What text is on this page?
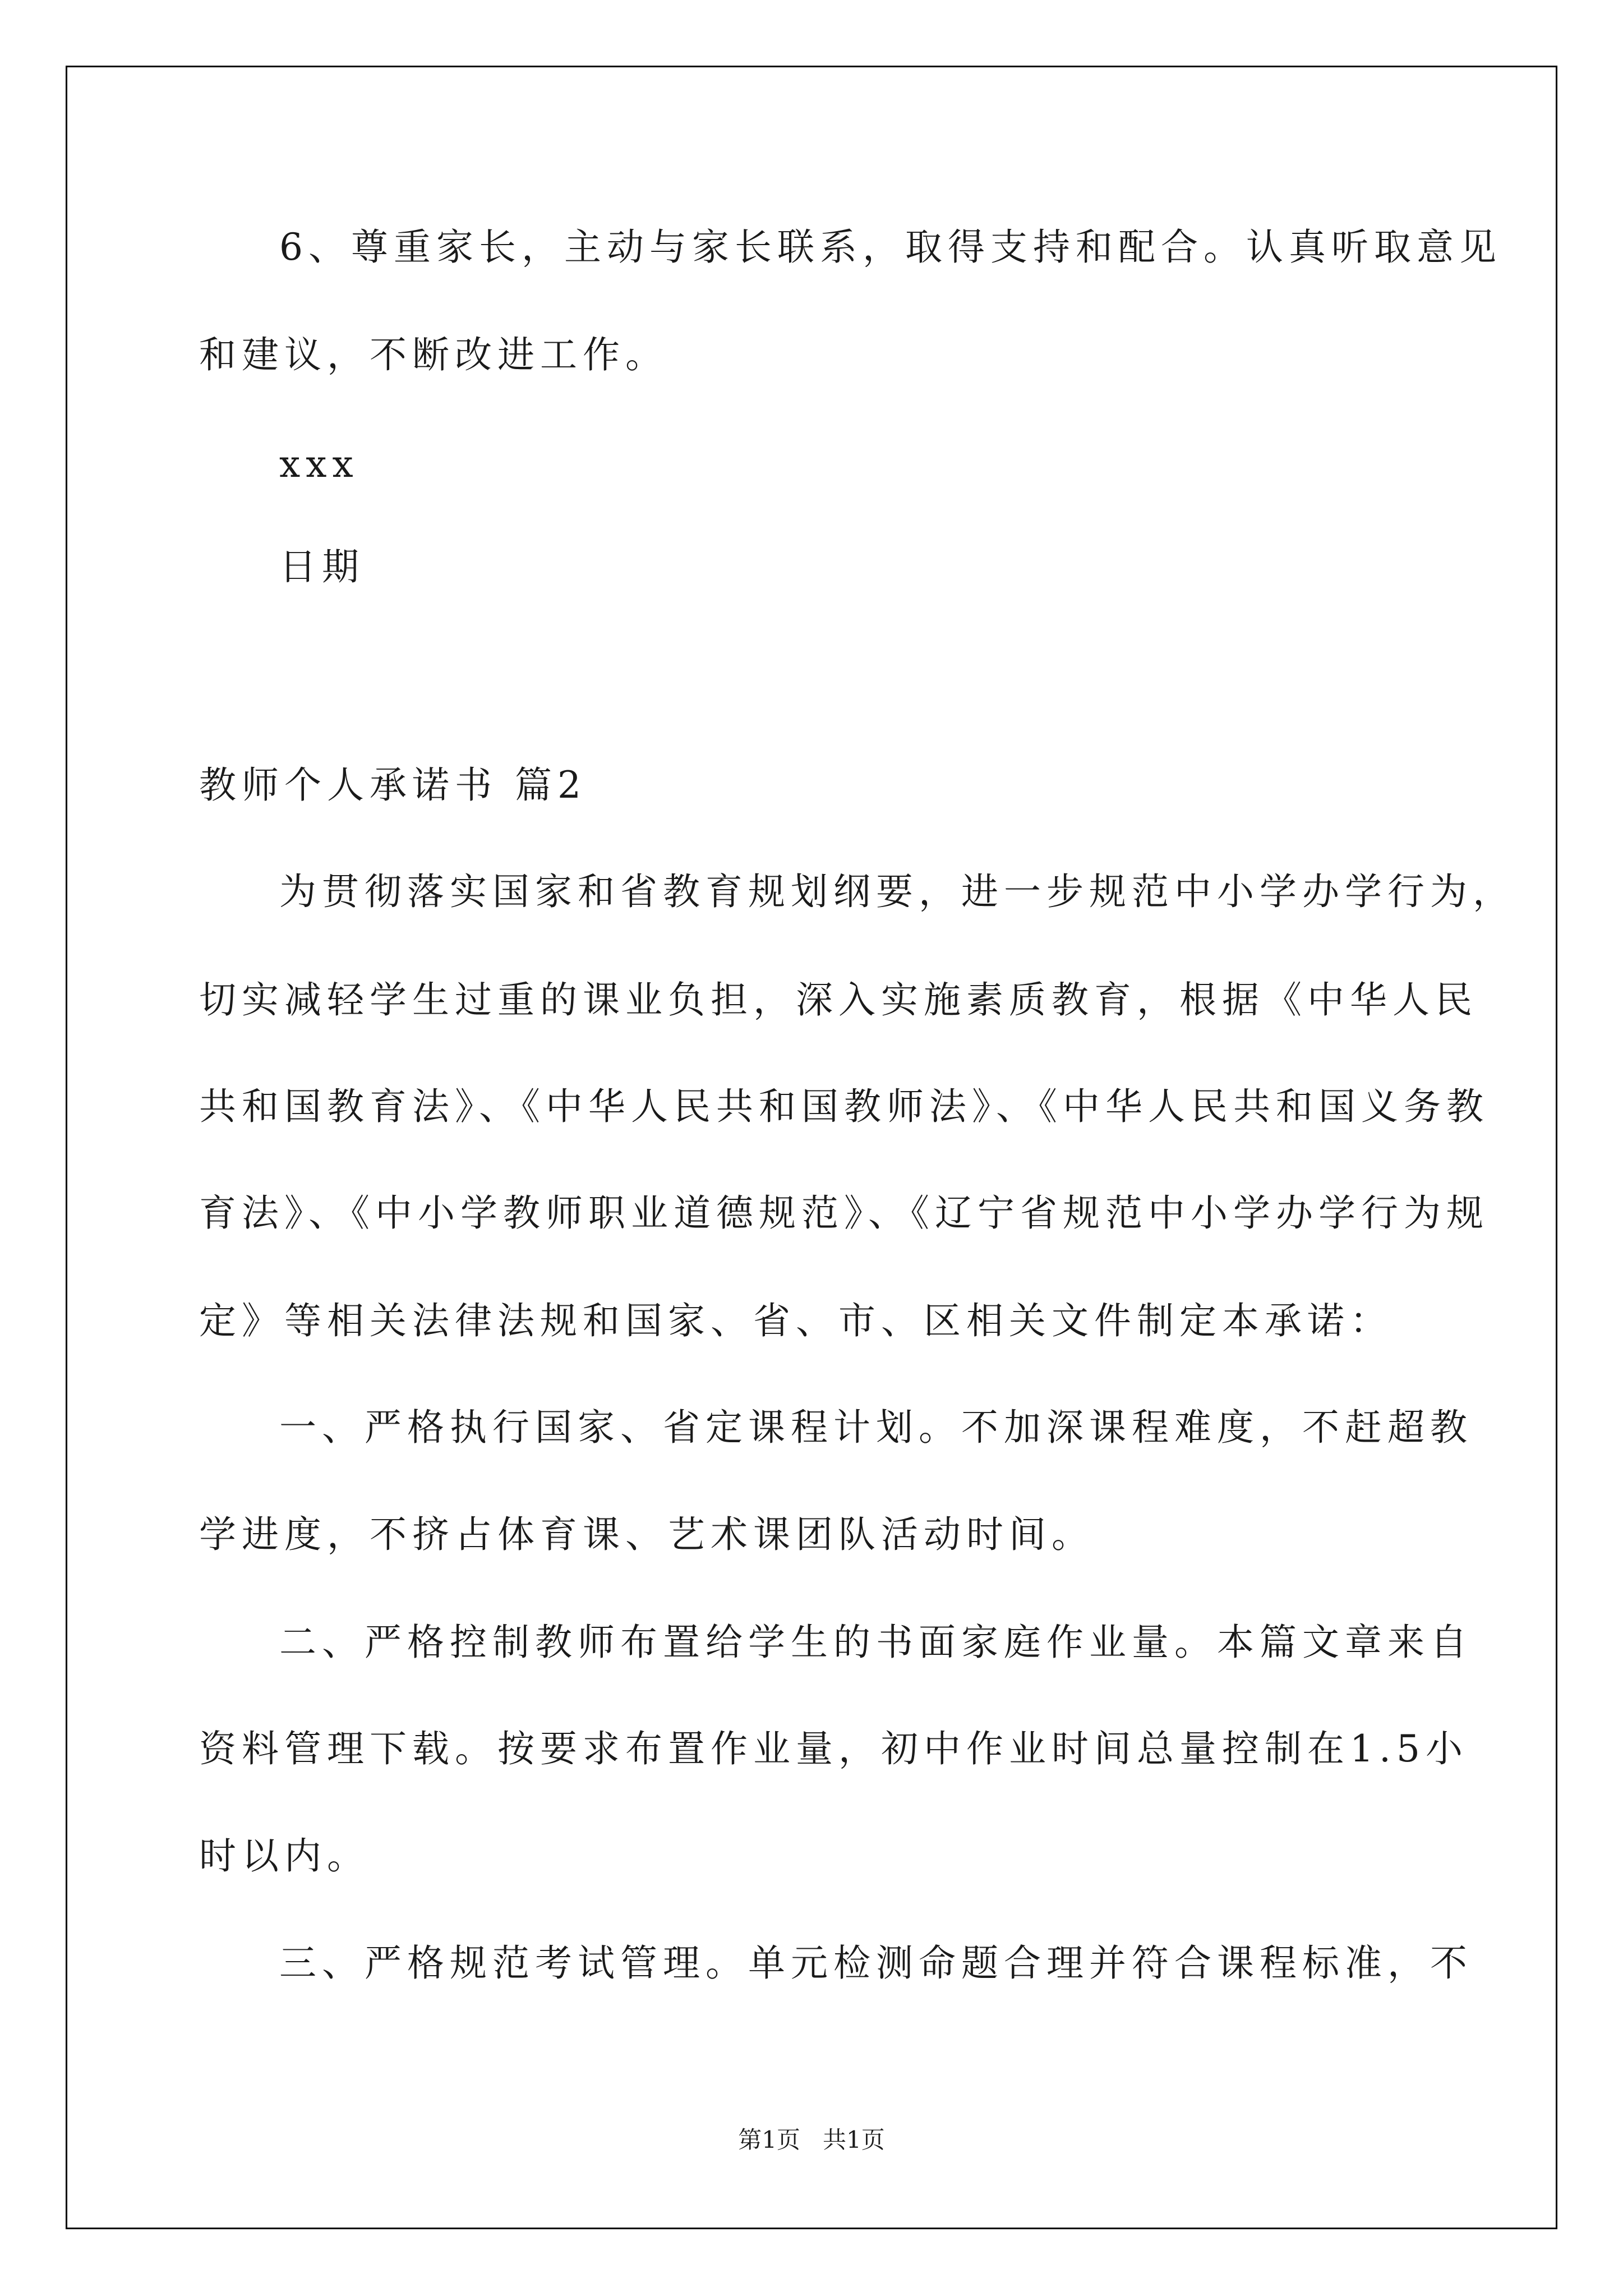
6、尊重家长，主动与家长联系，取得支持和配合。认真听取意见
和建议，不断改进工作。
xxx
日期
教师个人承诺书 篇2
为贯彻落实国家和省教育规划纲要，进一步规范中小学办学行为，
切实减轻学生过重的课业负担，深入实施素质教育，根据《中华人民
共和国教育法》、《中华人民共和国教师法》、《中华人民共和国义务教
育法》、《中小学教师职业道德规范》、《辽宁省规范中小学办学行为规
定》等相关法律法规和国家、省、市、区相关文件制定本承诺：
一、严格执行国家、省定课程计划。不加深课程难度，不赶超教
学进度，不挤占体育课、艺术课团队活动时间。
二、严格控制教师布置给学生的书面家庭作业量。本篇文章来自
资料管理下载。按要求布置作业量，初中作业时间总量控制在1.5小
时以内。
三、严格规范考试管理。单元检测命题合理并符合课程标准，不
第1页   共1页
